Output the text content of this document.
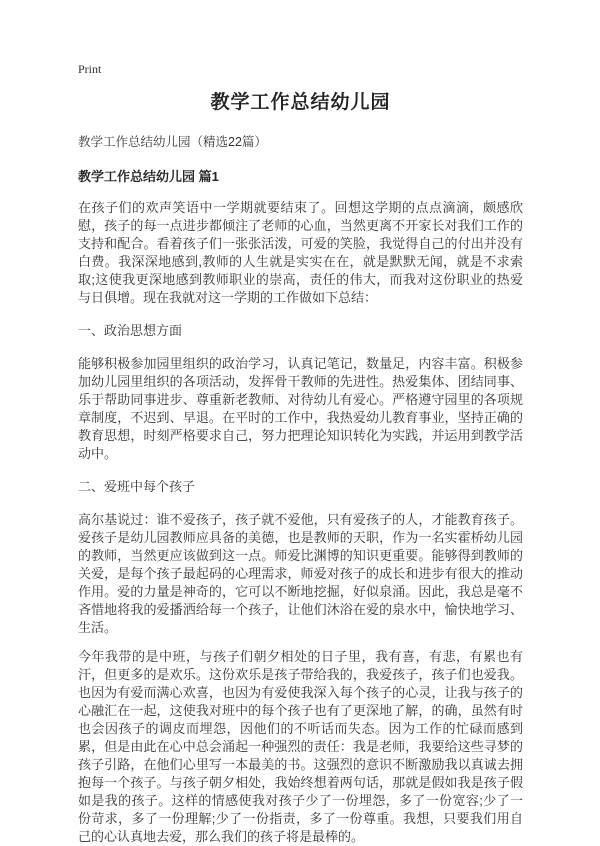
Print
教学工作总结幼儿园
教学工作总结幼儿园（精选22篇）
教学工作总结幼儿园 篇1

在孩子们的欢声笑语中一学期就要结束了。回想这学期的点点滴滴，颇感欣慰，孩子的每一点进步都倾注了老师的心血，当然更离不开家长对我们工作的支持和配合。看着孩子们一张张活泼，可爱的笑脸，我觉得自己的付出并没有白费。我深深地感到,教师的人生就是实实在在，就是默默无闻，就是不求索取;这使我更深地感到教师职业的崇高，责任的伟大，而我对这份职业的热爱与日俱增。现在我就对这一学期的工作做如下总结：

一、政治思想方面

能够积极参加园里组织的政治学习，认真记笔记，数量足，内容丰富。积极参加幼儿园里组织的各项活动，发挥骨干教师的先进性。热爱集体、团结同事、乐于帮助同事进步、尊重新老教师、对待幼儿有爱心。严格遵守园里的各项规章制度，不迟到、早退。在平时的工作中，我热爱幼儿教育事业，坚持正确的教育思想，时刻严格要求自己，努力把理论知识转化为实践，并运用到教学活动中。

二、爱班中每个孩子

高尔基说过：谁不爱孩子，孩子就不爱他，只有爱孩子的人，才能教育孩子。爱孩子是幼儿园教师应具备的美德，也是教师的天职，作为一名实霍桥幼儿园的教师，当然更应该做到这一点。师爱比渊博的知识更重要。能够得到教师的关爱，是每个孩子最起码的心理需求，师爱对孩子的成长和进步有很大的推动作用。爱的力量是神奇的，它可以不断地挖掘，好似泉涌。因此，我总是毫不吝惜地将我的爱播洒给每一个孩子，让他们沐浴在爱的泉水中，愉快地学习、生活。

今年我带的是中班，与孩子们朝夕相处的日子里，我有喜，有悲，有累也有汗，但更多的是欢乐。这份欢乐是孩子带给我的，我爱孩子，孩子们也爱我。也因为有爱而满心欢喜，也因为有爱使我深入每个孩子的心灵，让我与孩子的心融汇在一起，这使我对班中的每个孩子也有了更深地了解，的确，虽然有时也会因孩子的调皮而埋怨，因他们的不听话而失态。因为工作的忙碌而感到累，但是由此在心中总会涌起一种强烈的责任：我是老师，我要给这些寻梦的孩子引路，在他们心里写一本最美的书。这强烈的意识不断激励我以真诚去拥抱每一个孩子。与孩子朝夕相处，我始终想着两句话，那就是假如我是孩子假如是我的孩子。这样的情感使我对孩子少了一份埋怨，多了一份宽容;少了一份苛求，多了一份理解;少了一份指责，多了一份尊重。我想，只要我们用自己的心认真地去爱，那么我们的孩子将是最棒的。
